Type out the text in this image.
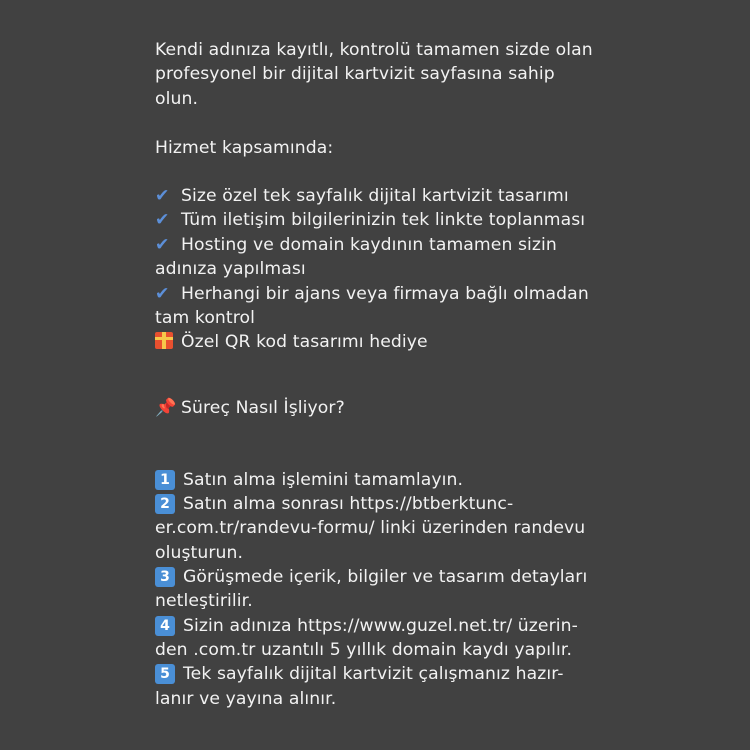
Kendi adınıza kayıtlı, kontrolü tamamen sizde olan
profesyonel bir dijital kartvizit sayfasına sahip
olun.
Hizmet kapsamında:
✔ Size özel tek sayfalık dijital kartvizit tasarımı
✔ Tüm iletişim bilgilerinizin tek linkte toplanması
✔ Hosting ve domain kaydının tamamen sizin
adınıza yapılması
✔ Herhangi bir ajans veya firmaya bağlı olmadan
tam kontrol
Özel QR kod tasarımı hediye
📌 Süreç Nasıl İşliyor?
1 Satın alma işlemini tamamlayın.
2 Satın alma sonrası https://btberktunc-
er.com.tr/randevu-formu/ linki üzerinden randevu
oluşturun.
3 Görüşmede içerik, bilgiler ve tasarım detayları
netleştirilir.
4 Sizin adınıza https://www.guzel.net.tr/ üzerin-
den .com.tr uzantılı 5 yıllık domain kaydı yapılır.
5 Tek sayfalık dijital kartvizit çalışmanız hazır-
lanır ve yayına alınır.
